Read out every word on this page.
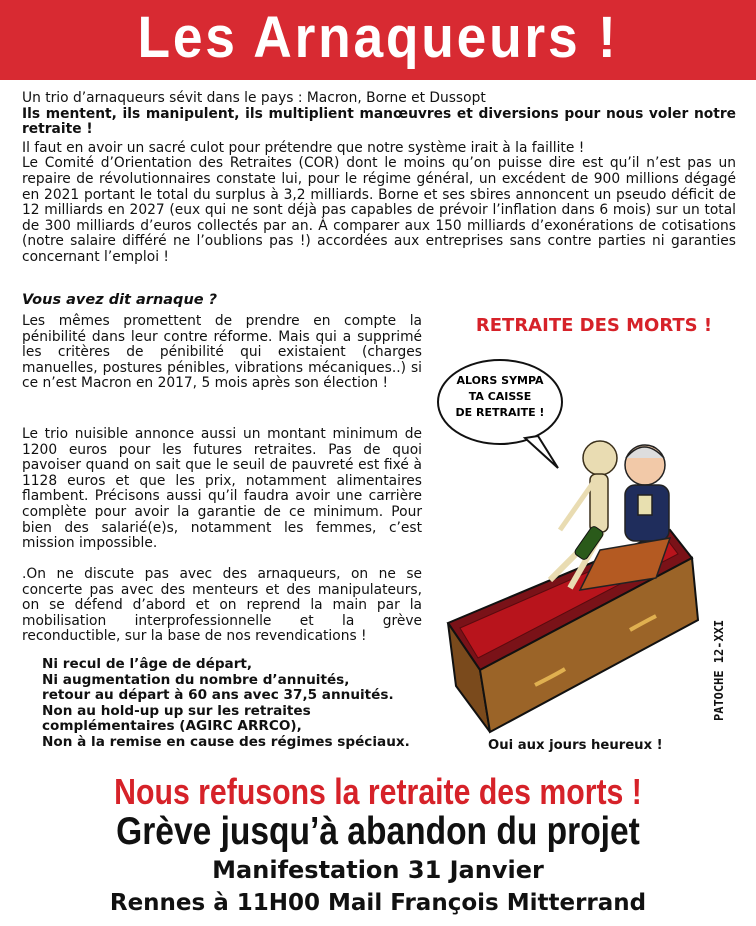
Les Arnaqueurs !
Un trio d’arnaqueurs sévit dans le pays : Macron, Borne et Dussopt
Ils mentent, ils manipulent, ils multiplient manœuvres et diversions pour nous voler notre retraite !
Il faut en avoir un sacré culot pour prétendre que notre système irait à la faillite !
Le Comité d’Orientation des Retraites (COR) dont le moins qu’on puisse dire est qu’il n’est pas un repaire de révolutionnaires constate lui, pour le régime général, un excédent de 900 millions dégagé en 2021 portant le total du surplus à 3,2 milliards. Borne et ses sbires annoncent un pseudo déficit de 12 milliards en 2027 (eux qui ne sont déjà pas capables de prévoir l’inflation dans 6 mois) sur un total de 300 milliards d’euros collectés par an. À comparer aux 150 milliards d’exonérations de cotisations (notre salaire différé ne l’oublions pas !) accordées aux entreprises sans contre parties ni garanties concernant l’emploi !
Vous avez dit arnaque ?
Les mêmes promettent de prendre en compte la pénibilité dans leur contre réforme. Mais qui a supprimé les critères de pénibilité qui existaient (charges manuelles, postures pénibles, vibrations mécaniques..) si ce n’est Macron en 2017, 5 mois après son élection !
Le trio nuisible annonce aussi un montant minimum de 1200 euros pour les futures retraites. Pas de quoi pavoiser quand on sait que le seuil de pauvreté est fixé à 1128 euros et que les prix, notamment alimentaires flambent. Précisons aussi qu’il faudra avoir une carrière complète pour avoir la garantie de ce minimum. Pour bien des salarié(e)s, notamment les femmes, c’est mission impossible.
.On ne discute pas avec des arnaqueurs, on ne se concerte pas avec des menteurs et des manipulateurs, on se défend d’abord et on reprend la main par la mobilisation interprofessionnelle et la grève reconductible, sur la base de nos revendications !
Ni recul de l’âge de départ,
Ni augmentation du nombre d’annuités,
retour au départ à 60 ans avec 37,5 annuités.
Non au hold-up up sur les retraites complémentaires (AGIRC ARRCO),
Non à la remise en cause des régimes spéciaux.
RETRAITE DES MORTS !
ALORS SYMPA
TA CAISSE
DE RETRAITE !
PATOCHE 12-XXI
Oui aux jours heureux !
Nous refusons la retraite des morts !
Grève jusqu’à abandon du projet
Manifestation 31 Janvier
Rennes à 11H00 Mail François Mitterrand
